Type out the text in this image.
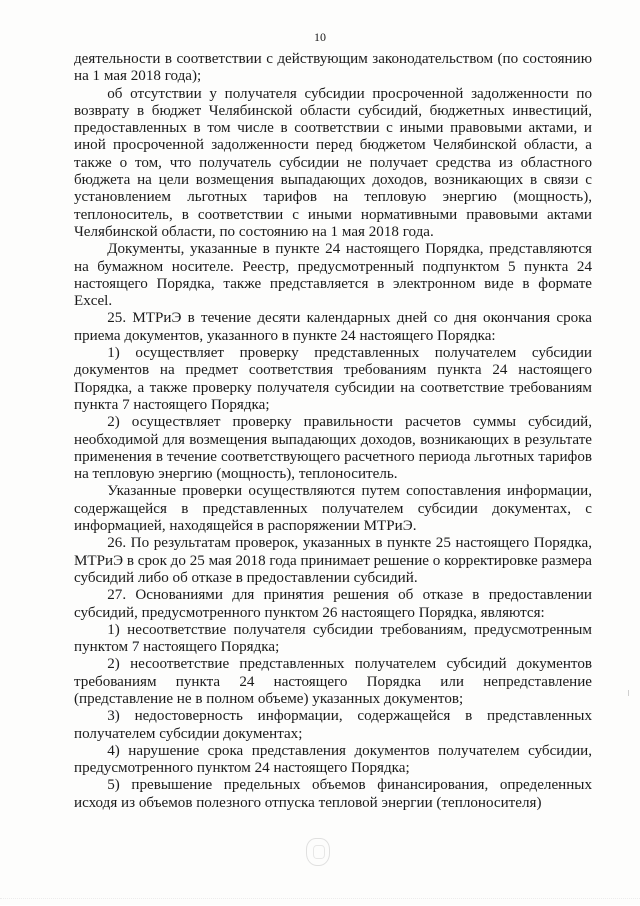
10

деятельности в соответствии с действующим законодательством (по состоянию на 1 мая 2018 года);

об отсутствии у получателя субсидии просроченной задолженности по возврату в бюджет Челябинской области субсидий, бюджетных инвестиций, предоставленных в том числе в соответствии с иными правовыми актами, и иной просроченной задолженности перед бюджетом Челябинской области, а также о том, что получатель субсидии не получает средства из областного бюджета на цели возмещения выпадающих доходов, возникающих в связи с установлением льготных тарифов на тепловую энергию (мощность), теплоноситель, в соответствии с иными нормативными правовыми актами Челябинской области, по состоянию на 1 мая 2018 года.

Документы, указанные в пункте 24 настоящего Порядка, представляются на бумажном носителе. Реестр, предусмотренный подпунктом 5 пункта 24 настоящего Порядка, также представляется в электронном виде в формате Excel.

25. МТРиЭ в течение десяти календарных дней со дня окончания срока приема документов, указанного в пункте 24 настоящего Порядка:

1) осуществляет проверку представленных получателем субсидии документов на предмет соответствия требованиям пункта 24 настоящего Порядка, а также проверку получателя субсидии на соответствие требованиям пункта 7 настоящего Порядка;

2) осуществляет проверку правильности расчетов суммы субсидий, необходимой для возмещения выпадающих доходов, возникающих в результате применения в течение соответствующего расчетного периода льготных тарифов на тепловую энергию (мощность), теплоноситель.

Указанные проверки осуществляются путем сопоставления информации, содержащейся в представленных получателем субсидии документах, с информацией, находящейся в распоряжении МТРиЭ.

26. По результатам проверок, указанных в пункте 25 настоящего Порядка, МТРиЭ в срок до 25 мая 2018 года принимает решение о корректировке размера субсидий либо об отказе в предоставлении субсидий.

27. Основаниями для принятия решения об отказе в предоставлении субсидий, предусмотренного пунктом 26 настоящего Порядка, являются:

1) несоответствие получателя субсидии требованиям, предусмотренным пунктом 7 настоящего Порядка;

2) несоответствие представленных получателем субсидий документов требованиям пункта 24 настоящего Порядка или непредставление (представление не в полном объеме) указанных документов;

3) недостоверность информации, содержащейся в представленных получателем субсидии документах;

4) нарушение срока представления документов получателем субсидии, предусмотренного пунктом 24 настоящего Порядка;

5) превышение предельных объемов финансирования, определенных исходя из объемов полезного отпуска тепловой энергии (теплоносителя)
